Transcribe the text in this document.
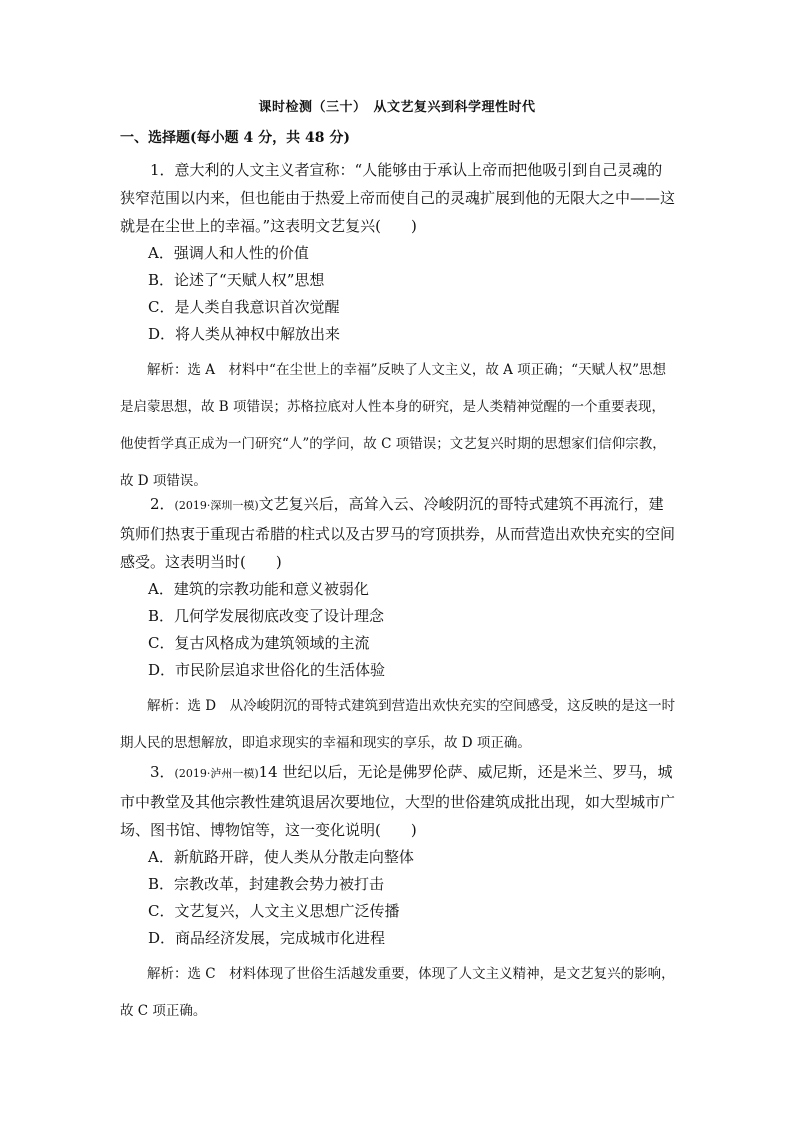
课时检测（三十）　从文艺复兴到科学理性时代
一、选择题(每小题 4 分，共 48 分)

1．意大利的人文主义者宣称：“人能够由于承认上帝而把他吸引到自己灵魂的狭窄范围以内来，但也能由于热爱上帝而使自己的灵魂扩展到他的无限大之中——这就是在尘世上的幸福。”这表明文艺复兴(　　)

A．强调人和人性的价值

B．论述了“天赋人权”思想

C．是人类自我意识首次觉醒

D．将人类从神权中解放出来

解析：选 A　材料中“在尘世上的幸福”反映了人文主义，故 A 项正确；“天赋人权”思想是启蒙思想，故 B 项错误；苏格拉底对人性本身的研究，是人类精神觉醒的一个重要表现，他使哲学真正成为一门研究“人”的学问，故 C 项错误；文艺复兴时期的思想家们信仰宗教，故 D 项错误。

2．(2019·深圳一模)文艺复兴后，高耸入云、冷峻阴沉的哥特式建筑不再流行，建筑师们热衷于重现古希腊的柱式以及古罗马的穹顶拱券，从而营造出欢快充实的空间感受。这表明当时(　　)

A．建筑的宗教功能和意义被弱化

B．几何学发展彻底改变了设计理念

C．复古风格成为建筑领域的主流

D．市民阶层追求世俗化的生活体验

解析：选 D　从冷峻阴沉的哥特式建筑到营造出欢快充实的空间感受，这反映的是这一时期人民的思想解放，即追求现实的幸福和现实的享乐，故 D 项正确。

3．(2019·泸州一模)14 世纪以后，无论是佛罗伦萨、威尼斯，还是米兰、罗马，城市中教堂及其他宗教性建筑退居次要地位，大型的世俗建筑成批出现，如大型城市广场、图书馆、博物馆等，这一变化说明(　　)

A．新航路开辟，使人类从分散走向整体

B．宗教改革，封建教会势力被打击

C．文艺复兴，人文主义思想广泛传播

D．商品经济发展，完成城市化进程

解析：选 C　材料体现了世俗生活越发重要，体现了人文主义精神，是文艺复兴的影响，故 C 项正确。
